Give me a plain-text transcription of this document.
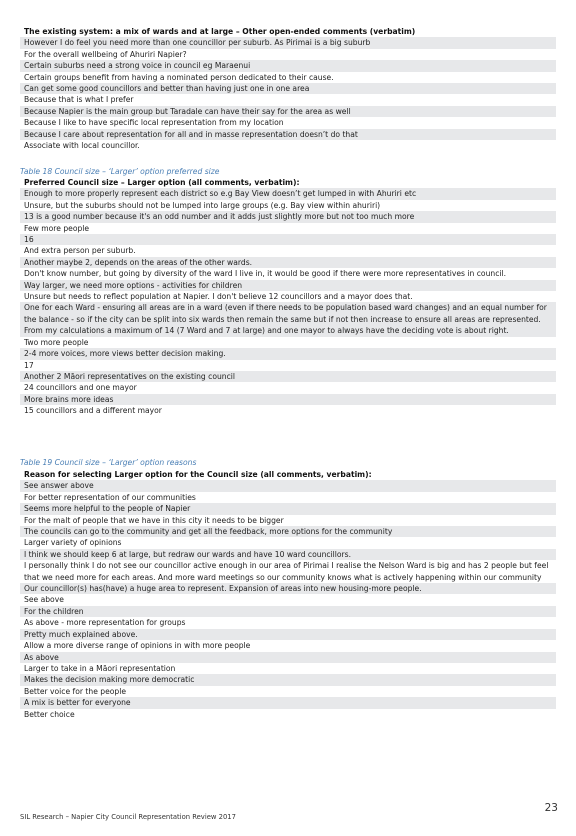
The existing system: a mix of wards and at large – Other open-ended comments (verbatim)
However I do feel you need more than one councillor per suburb. As Pirimai is a big suburb
For the overall wellbeing of Ahuriri Napier?
Certain suburbs need a strong voice in council eg Maraenui
Certain groups benefit from having a nominated person dedicated to their cause.
Can get some good councillors and better than having just one in one area
Because that is what I prefer
Because Napier is the main group but Taradale can have their say for the area as well
Because I like to have specific local representation from my location
Because I care about representation for all and in masse representation doesn’t do that
Associate with local councillor.
Table 18 Council size – ‘Larger’ option preferred size
Preferred Council size – Larger option (all comments, verbatim):
Enough to more properly represent each district so e.g Bay View doesn’t get lumped in with Ahuriri etc
Unsure, but the suburbs should not be lumped into large groups (e.g. Bay view within ahuriri)
13 is a good number because it's an odd number and it adds just slightly more but not too much more
Few more people
16
And extra person per suburb.
Another maybe 2, depends on the areas of the other wards.
Don't know number, but going by diversity of the ward I live in, it would be good if there were more representatives in council.
Way larger, we need more options - activities for children
Unsure but needs to reflect population at Napier. I don't believe 12 councillors and a mayor does that.
One for each Ward - ensuring all areas are in a ward (even if there needs to be population based ward changes) and an equal number for the balance - so if the city can be split into six wards then remain the same but if not then increase to ensure all areas are represented. From my calculations a maximum of 14 (7 Ward and 7 at large) and one mayor to always have the deciding vote is about right.
Two more people
2-4 more voices, more views better decision making.
17
Another 2 Māori representatives on the existing council
24 councillors and one mayor
More brains more ideas
15 councillors and a different mayor
Table 19 Council size – ‘Larger’ option reasons
Reason for selecting Larger option for the Council size (all comments, verbatim):
See answer above
For better representation of our communities
Seems more helpful to the people of Napier
For the malt of people that we have in this city it needs to be bigger
The councils can go to the community and get all the feedback, more options for the community
Larger variety of opinions
I think we should keep 6 at large, but redraw our wards and have 10 ward councillors.
I personally think I do not see our councillor active enough in our area of Pirimai I realise the Nelson Ward is big and has 2 people but feel that we need more for each areas. And more ward meetings so our community knows what is actively happening within our community
Our councillor(s) has(have) a huge area to represent. Expansion of areas into new housing-more people.
See above
For the children
As above - more representation for groups
Pretty much explained above.
Allow a more diverse range of opinions in with more people
As above
Larger to take in a Māori representation
Makes the decision making more democratic
Better voice for the people
A mix is better for everyone
Better choice
SIL Research – Napier City Council Representation Review 2017
23
